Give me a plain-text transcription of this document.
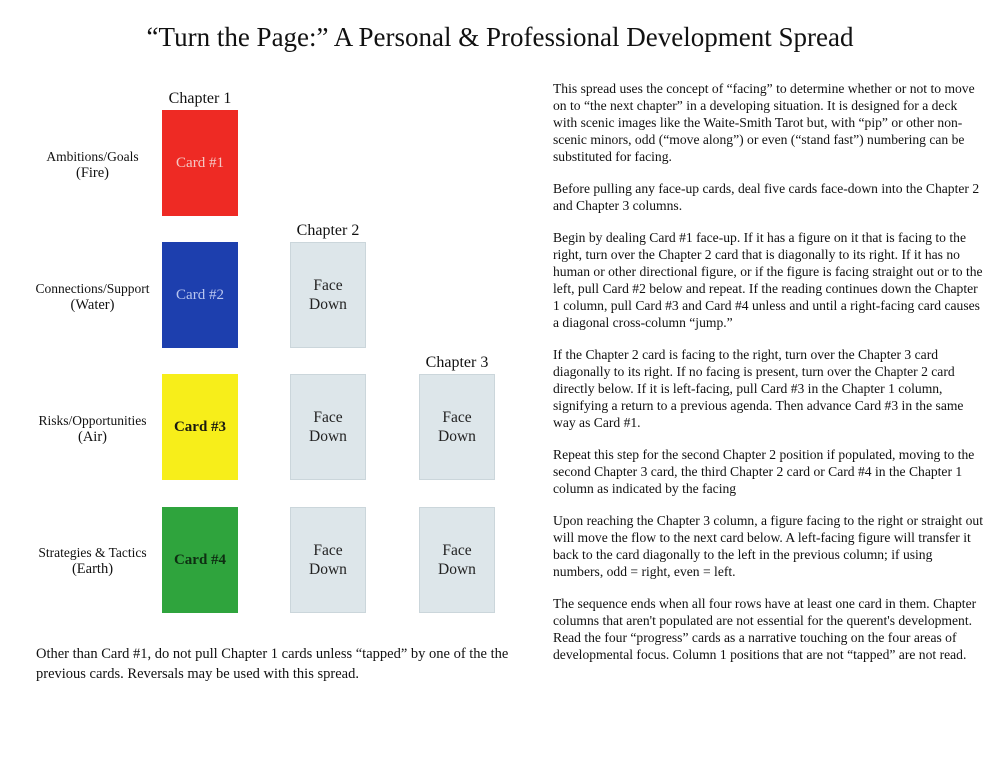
“Turn the Page:” A Personal & Professional Development Spread
Chapter 1
Chapter 2
Chapter 3
Ambitions/Goals
(Fire)
Connections/Support
(Water)
Risks/Opportunities
(Air)
Strategies & Tactics
(Earth)
Card #1
Card #2
Card #3
Card #4
Face
Down
Face
Down
Face
Down
Face
Down
Face
Down
Other than Card #1, do not pull Chapter 1 cards unless “tapped” by one of the the previous cards. Reversals may be used with this spread.

This spread uses the concept of “facing” to determine whether or not to move on to “the next chapter” in a developing situation. It is designed for a deck with scenic images like the Waite-Smith Tarot but, with “pip” or other non-scenic minors, odd (“move along”) or even (“stand fast”) numbering can be substituted for facing.

Before pulling any face-up cards, deal five cards face-down into the Chapter 2 and Chapter 3 columns.

Begin by dealing Card #1 face-up. If it has a figure on it that is facing to the right, turn over the Chapter 2 card that is diagonally to its right. If it has no human or other directional figure, or if the figure is facing straight out or to the left, pull Card #2 below and repeat. If the reading continues down the Chapter 1 column, pull Card #3 and Card #4 unless and until a right-facing card causes a diagonal cross-column “jump.”

If the Chapter 2 card is facing to the right, turn over the Chapter 3 card diagonally to its right. If no facing is present, turn over the Chapter 2 card directly below. If it is left-facing, pull Card #3 in the Chapter 1 column, signifying a return to a previous agenda. Then advance Card #3 in the same way as Card #1.

Repeat this step for the second Chapter 2 position if populated, moving to the second Chapter 3 card, the third Chapter 2 card or Card #4 in the Chapter 1 column as indicated by the facing

Upon reaching the Chapter 3 column, a figure facing to the right or straight out will move the flow to the next card below. A left-facing figure will transfer it back to the card diagonally to the left in the previous column; if using numbers, odd = right, even = left.

The sequence ends when all four rows have at least one card in them. Chapter columns that aren't populated are not essential for the querent's development. Read the four “progress” cards as a narrative touching on the four areas of developmental focus. Column 1 positions that are not “tapped” are not read.
